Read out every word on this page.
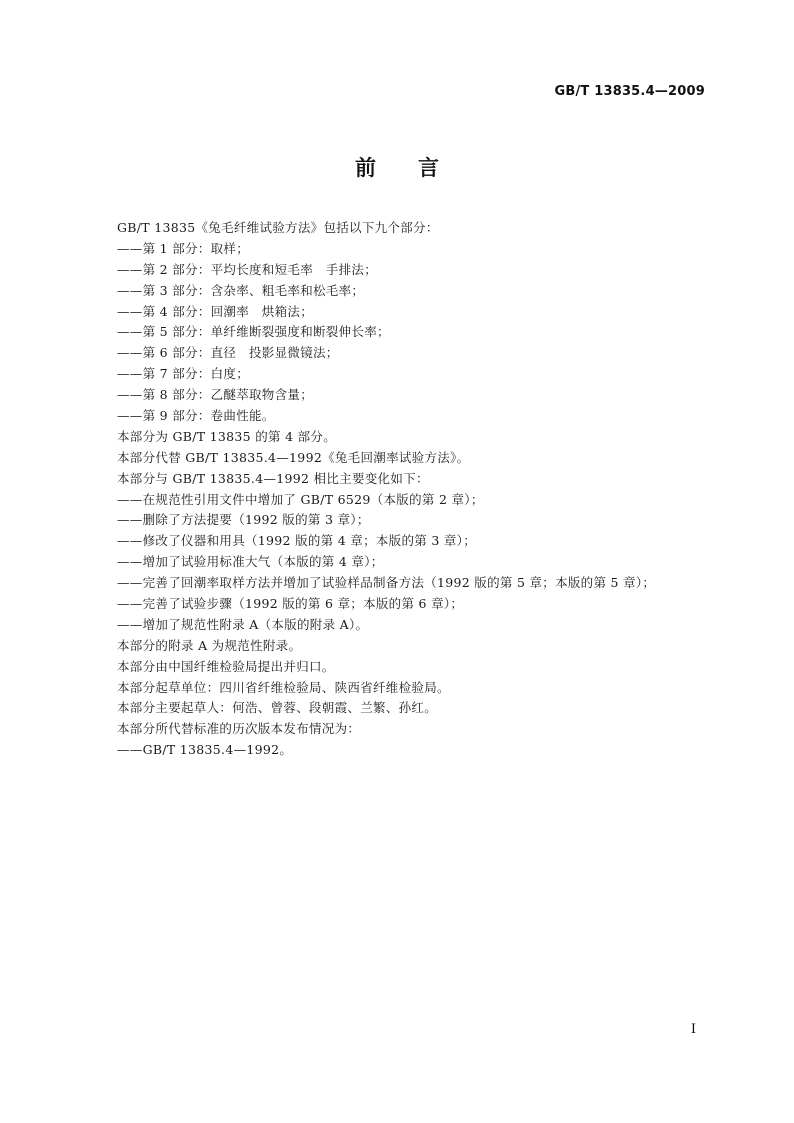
GB/T 13835.4—2009
前言
GB/T 13835《兔毛纤维试验方法》包括以下九个部分：
——第 1 部分：取样；
——第 2 部分：平均长度和短毛率　手排法；
——第 3 部分：含杂率、粗毛率和松毛率；
——第 4 部分：回潮率　烘箱法；
——第 5 部分：单纤维断裂强度和断裂伸长率；
——第 6 部分：直径　投影显微镜法；
——第 7 部分：白度；
——第 8 部分：乙醚萃取物含量；
——第 9 部分：卷曲性能。
本部分为 GB/T 13835 的第 4 部分。
本部分代替 GB/T 13835.4—1992《兔毛回潮率试验方法》。
本部分与 GB/T 13835.4—1992 相比主要变化如下：
——在规范性引用文件中增加了 GB/T 6529（本版的第 2 章）；
——删除了方法提要（1992 版的第 3 章）；
——修改了仪器和用具（1992 版的第 4 章；本版的第 3 章）；
——增加了试验用标准大气（本版的第 4 章）；
——完善了回潮率取样方法并增加了试验样品制备方法（1992 版的第 5 章；本版的第 5 章）；
——完善了试验步骤（1992 版的第 6 章；本版的第 6 章）；
——增加了规范性附录 A（本版的附录 A）。
本部分的附录 A 为规范性附录。
本部分由中国纤维检验局提出并归口。
本部分起草单位：四川省纤维检验局、陕西省纤维检验局。
本部分主要起草人：何浩、曾蓉、段朝霞、兰繁、孙红。
本部分所代替标准的历次版本发布情况为：
——GB/T 13835.4—1992。
I
